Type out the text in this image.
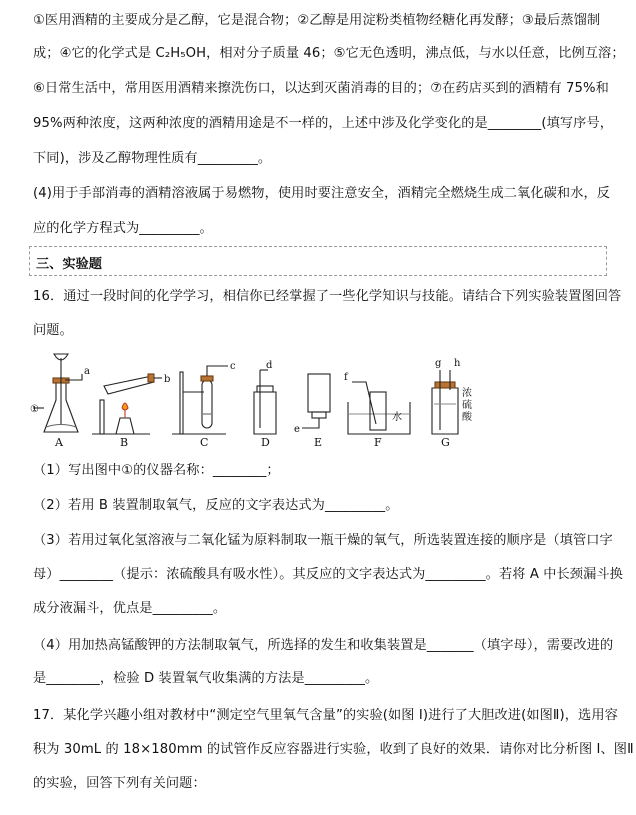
①医用酒精的主要成分是乙醇，它是混合物；②乙醇是用淀粉类植物经糖化再发酵；③最后蒸馏制
成；④它的化学式是 C₂H₅OH，相对分子质量 46；⑤它无色透明，沸点低，与水以任意，比例互溶；
⑥日常生活中，常用医用酒精来擦洗伤口，以达到灭菌消毒的目的；⑦在药店买到的酒精有 75%和
95%两种浓度，这两种浓度的酒精用途是不一样的，上述中涉及化学变化的是________(填写序号，
下同)，涉及乙醇物理性质有_________。
(4)用于手部消毒的酒精溶液属于易燃物，使用时要注意安全，酒精完全燃烧生成二氧化碳和水，反
应的化学方程式为_________。
三、实验题
16．通过一段时间的化学学习，相信你已经掌握了一些化学知识与技能。请结合下列实验装置图回答
问题。
A	B	C	D	E	F	G
①
a
b
c	d
e
f
g h
水
浓
硫
酸
（1）写出图中①的仪器名称：________；
（2）若用 B 装置制取氧气，反应的文字表达式为_________。
（3）若用过氧化氢溶液与二氧化锰为原料制取一瓶干燥的氧气，所选装置连接的顺序是（填管口字
母）________（提示：浓硫酸具有吸水性）。其反应的文字表达式为_________。若将 A 中长颈漏斗换
成分液漏斗，优点是_________。
（4）用加热高锰酸钾的方法制取氧气，所选择的发生和收集装置是_______（填字母），需要改进的
是________，检验 D 装置氧气收集满的方法是_________。
17．某化学兴趣小组对教材中“测定空气里氧气含量”的实验(如图 I)进行了大胆改进(如图Ⅱ)，选用容
积为 30mL 的 18×180mm 的试管作反应容器进行实验，收到了良好的效果．请你对比分析图 I、图Ⅱ
的实验，回答下列有关问题：
